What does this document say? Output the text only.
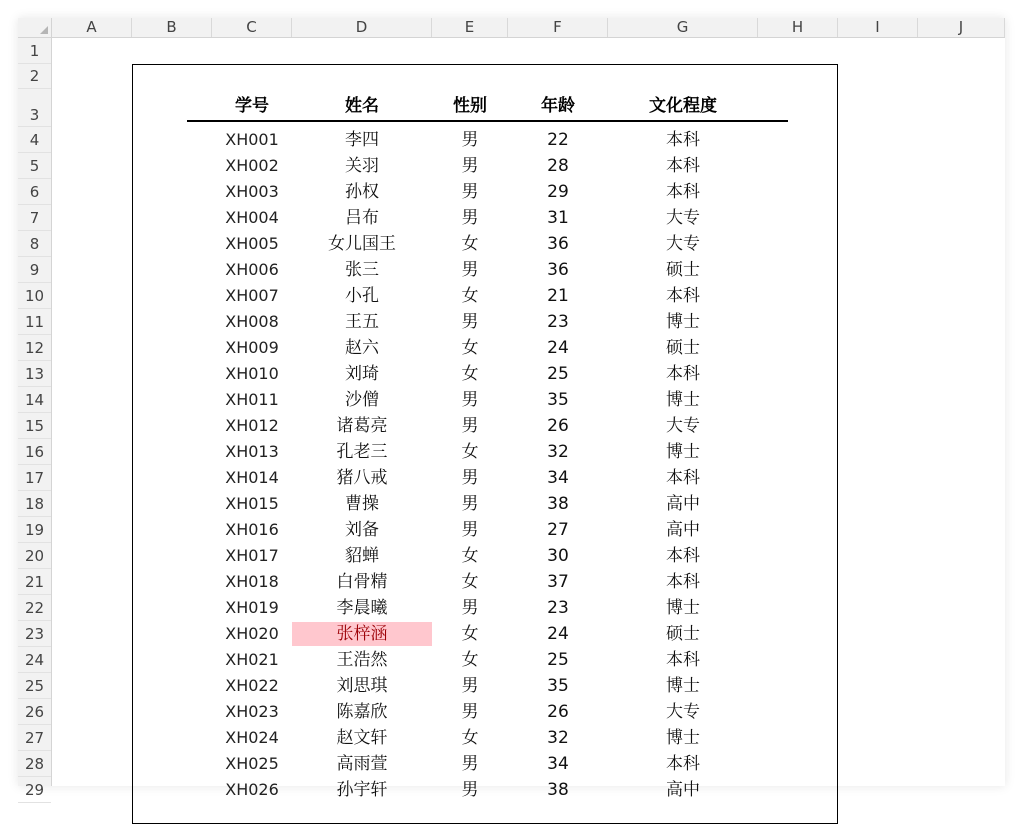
A	B	C	D	E	F	G	H	I	J
1
2
3
4
5
6
7
8
9
10
11
12
13
14
15
16
17
18
19
20
21
22
23
24
25
26
27
28
29
学号	姓名	性别	年龄	文化程度
XH001	李四	男	22	本科
XH002	关羽	男	28	本科
XH003	孙权	男	29	本科
XH004	吕布	男	31	大专
XH005	女儿国王	女	36	大专
XH006	张三	男	36	硕士
XH007	小孔	女	21	本科
XH008	王五	男	23	博士
XH009	赵六	女	24	硕士
XH010	刘琦	女	25	本科
XH011	沙僧	男	35	博士
XH012	诸葛亮	男	26	大专
XH013	孔老三	女	32	博士
XH014	猪八戒	男	34	本科
XH015	曹操	男	38	高中
XH016	刘备	男	27	高中
XH017	貂蝉	女	30	本科
XH018	白骨精	女	37	本科
XH019	李晨曦	男	23	博士
XH020	张梓涵	女	24	硕士
XH021	王浩然	女	25	本科
XH022	刘思琪	男	35	博士
XH023	陈嘉欣	男	26	大专
XH024	赵文轩	女	32	博士
XH025	高雨萱	男	34	本科
XH026	孙宇轩	男	38	高中
